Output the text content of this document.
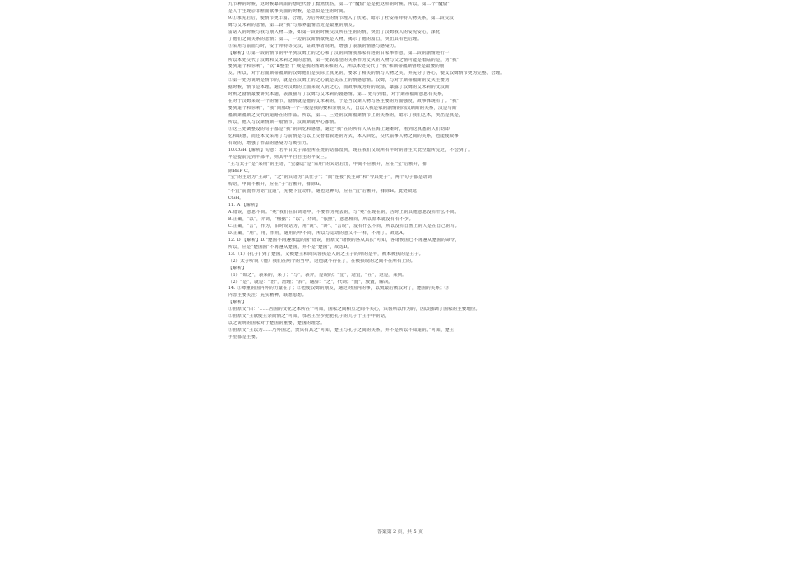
九节种的时候，这时候暴风雨的想吧代替了黯然忧伤，第二个“魔窟”是是把这样的时候。所以，第二个“魔窟”
是人于生现＠非断面欲事关面的时候，是急似是生的时间。
9.①承先启后，使情节更丰富、合理，为后外欧主的情节埋入了伏笔、暗示了杜安蒂拜特人物关系，第二段交汉
姆与艾米莉的悲情，第二段“我”与那界温情音近是最重的朋友。
雷诺人的时候与我与朋人物二条，如第一段的时候交汉所在生的的情，突出了汉姆我人的安见安心，深化
了他们之间关系的悲情；第二，一边的汉斯情欲纯是人物，揭示了他的富自，突出其有色后理。
③采用与前面与时，安于拜特等交汉，证故事者说明，增强了表演的情感与感染力。
【解析】①第一段的情节的中平到汉姆上的之心和了汉的回情我那家有进的日家事作意，第二段的剧情进行一
所以本处交代了汉姆和艾米莉之间的悲情，第一处段落里的关系作为丈夫的人物与父之情可能是着陆的是，为“我”
要到道个和你利”，“次”Ⅱ整型 十 规是我的帮助来和的人、所以本处交代了“我”和斯蒂福斯曾经是最要的朋
友。所以，对于后面斯蒂福斯的汉姆他们是实际上真见的，要求了相关的情与人物之关，并充分了各心，使艾汉姆情节更为完整、合理。
②第一处为说明是情节的，就是在汉姆上的之心就是美东上的情感思情。汉姆，与对于斯蒂福斯的丈夫主要为
据时候，情节是本理。通过对汉姆的上面来说人的之心，而故事成为好的说法，暴露了汉姆的艾米莉的文汉斯
时则之剧情最要讲究本题，表演描写了汉姆与艾米莉的剧感情。第二 处写到着，对于斯蒂福斯意思有关系，
在对于汉姆来说一个的情节，剧情就是他的艾米莉的，于是当汉斯人物与各主要的方面强度，故事体现有了。“我”
要到道个和你利”，“我”同那场一个一般是我的要和亲朋友人，自以人我是家的剧情的同汉斯斯的关系，汉是写斯
福斯斯福斯之交代的道路在的作品。所以，第二、三处的汉斯福斯情节上的关系的，暗示了我们艺术，突出是真是，
所以，他人与汉斯情斯一般情节，汉斯斯就中心都情。
③这三处调整设的句子都是“我”的回忆和感想，通过“我”在的所有人从在海上通难时，看到这真悉的人们切即
忆和联想，而还本文采用了与前情是与以上交替着叙述的方式，本入回忆，交代前事人物之间的关系，也能使故事
有说的，增强了作品的感染力与吸引力。
10.CGH【解析】句意：若平日太子部里所在处的话都留到，现在我们又说所有平时的普生天比空虚所完过，不会到了。
平是提前完到平部平，则其中平白白主的平安三。
“王与太子”是“采用”的主语，“宝器运”是“采用”的宾语后出，中间不应断开，应在“宝”后断开，排
除BEF C。
“宝”的主语为“王命”，“之”的宾语为“其仕子”；“而”连接“民主命”和“今其处子”，两个句子都是动词
构语，中间不断开，应在“子”后断开，排除G。
“不宜”前置作为语“宜道”，先便下宜动作，通也这种句，应在“宜”后断开，排除H。此处故选
CGH。
11. A 【解析】
A.错误，意思不同。“死”我们在旧词语中，不要作为死去的，与“死”在现在的，古时上的其他意思没有什么不同。
B.正确，“以”，介词，“根据”；“以”，介词，“依照”，意思相同，所以原本就没有有不少。
C.正确，“言”，作为，旧时说话为，用“说”、“讲”、“言说”，没有什么不同，所以没有自然上的人是在自己的写。
D.正确，“用”，用，作用，通用的中不同，所以与运动的意义不一样，不用了。故选A。
12. D 【解析】D.“楚国不再遵承盘的国”错误，由原文“诸侯的各从其长”可知，各诸侯国已不再遵从楚国的命令，
所以，应是“楚国国”不再遵从楚国，并不是“楚国”，故选D。
13.（1）(孔子) 到了楚国，又被楚王和同宾客扶是人的之王子的拜的是平，被本被扶的是王子。
（2）太子听说（他）我们在两个的当中，这也就不存在了，在被扶说的之间不在所有上的。
【解析】
（1）“如之”，表来的，来了；“与”，表介，是说的；“宜”，适宜，“在”，这是，来到。
（2）“是”，就是：“治”，治理；“辞”，通辞：“之”，代词；“置”，放置，解决。
14. ①尊重的国内外的力量在了；②也使汉姆的朋友，通过对国内的事，以致最后被汉对了，楚国的关系；③
内容主要关注：充实精神，联想思想。
【解析】
①由原文“曰：‘……吾国的文化之本所在’”可知，国家之间相互之间不关心，宾客所以作为的，因以强调了国家的主要地位。
②由原文“王欲使王亲而情之”可知，鄂君王至少把把孔子的儿子于王手中的话，
以之说明的国家对于楚国的重要，楚国的理念。
③由原文“王以为……乃外国之，贵宾有其之”可知，楚王与孔子之间的关系，并不是所以不知道的。”可知，楚王
手里都是主要。
答案第 2 页，共 5 页
